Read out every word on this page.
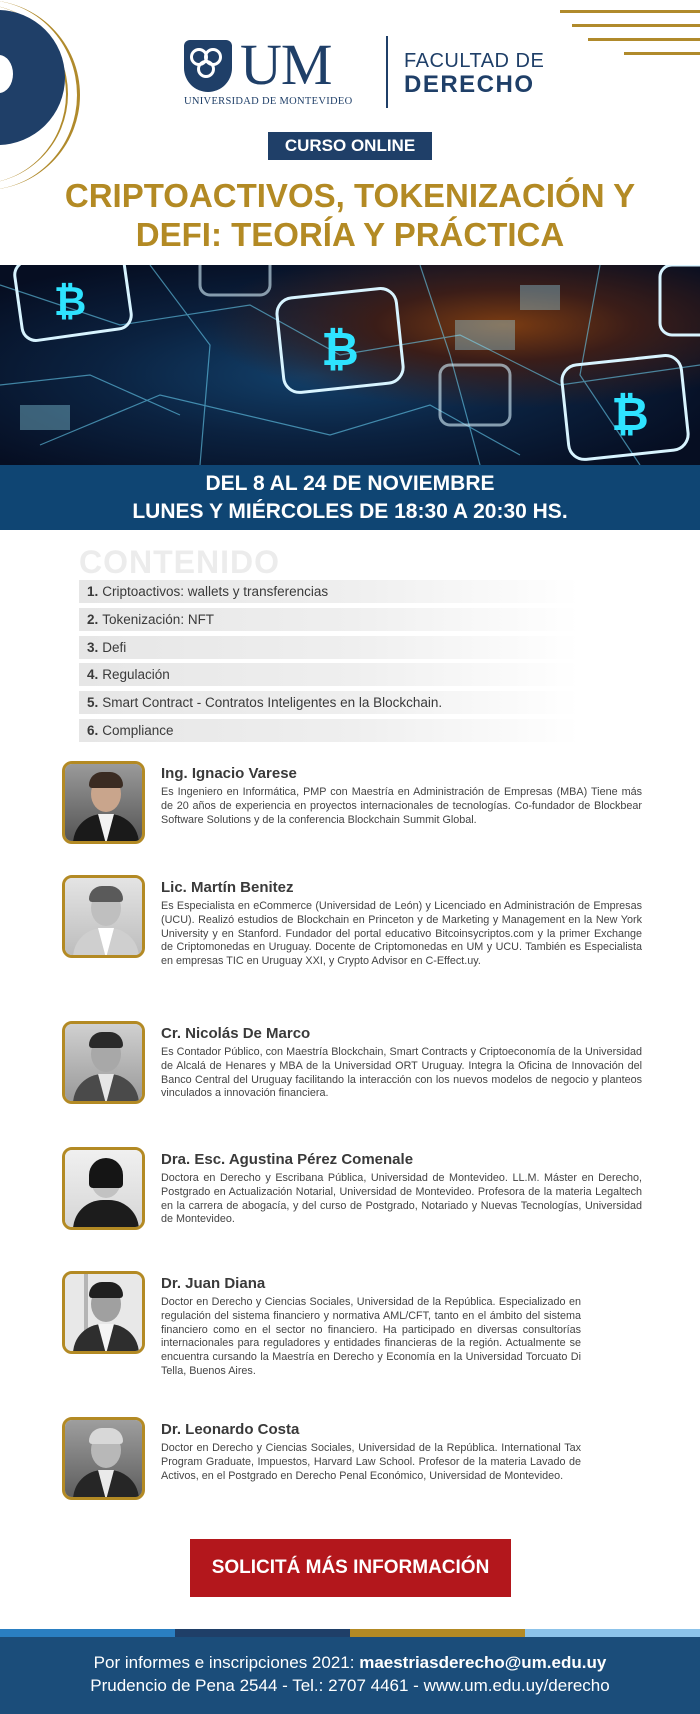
UM
UNIVERSIDAD DE MONTEVIDEO
FACULTAD DE
DERECHO
CURSO ONLINE
CRIPTOACTIVOS, TOKENIZACIÓN Y
DEFI: TEORÍA Y PRÁCTICA
₿
₿
₿
DEL 8 AL 24 DE NOVIEMBRE
LUNES Y MIÉRCOLES DE 18:30 A 20:30 HS.
CONTENIDO
1. Criptoactivos: wallets y transferencias
2. Tokenización: NFT
3. Defi
4. Regulación
5. Smart Contract - Contratos Inteligentes en la Blockchain.
6. Compliance
Ing. Ignacio Varese
Es Ingeniero en Informática, PMP con Maestría en Administración de Empresas (MBA) Tiene más de 20 años de experiencia en proyectos internacionales de tecnologías. Co-fundador de Blockbear Software Solutions y de la conferencia Blockchain Summit Global.
Lic. Martín Benitez
Es Especialista en eCommerce (Universidad de León) y Licenciado en Administración de Empresas (UCU). Realizó estudios de Blockchain en Princeton y de Marketing y Management en la New York University y en Stanford. Fundador del portal educativo Bitcoinsycriptos.com y la primer Exchange de Criptomonedas en Uruguay. Docente de Criptomonedas en UM y UCU. También es Especialista en empresas TIC en Uruguay XXI, y Crypto Advisor en C-Effect.uy.
Cr. Nicolás De Marco
Es Contador Público, con Maestría Blockchain, Smart Contracts y Criptoeconomía de la Universidad de Alcalá de Henares y MBA de la Universidad ORT Uruguay. Integra la Oficina de Innovación del Banco Central del Uruguay facilitando la interacción con los nuevos modelos de negocio y planteos vinculados a innovación financiera.
Dra. Esc. Agustina Pérez Comenale
Doctora en Derecho y Escribana Pública, Universidad de Montevideo. LL.M. Máster en Derecho, Postgrado en Actualización Notarial, Universidad de Montevideo. Profesora de la materia Legaltech en la carrera de abogacía, y del curso de Postgrado, Notariado y Nuevas Tecnologías, Universidad de Montevideo.
Dr. Juan Diana
Doctor en Derecho y Ciencias Sociales, Universidad de la República. Especializado en regulación del sistema financiero y normativa AML/CFT, tanto en el ámbito del sistema financiero como en el sector no financiero. Ha participado en diversas consultorías internacionales para reguladores y entidades financieras de la región. Actualmente se encuentra cursando la Maestría en Derecho y Economía en la Universidad Torcuato Di Tella, Buenos Aires.
Dr. Leonardo Costa
Doctor en Derecho y Ciencias Sociales, Universidad de la República. International Tax Program Graduate, Impuestos, Harvard Law School. Profesor de la materia Lavado de Activos, en el Postgrado en Derecho Penal Económico, Universidad de Montevideo.
SOLICITÁ MÁS INFORMACIÓN
Por informes e inscripciones 2021: maestriasderecho@um.edu.uy
Prudencio de Pena 2544 - Tel.: 2707 4461 - www.um.edu.uy/derecho
